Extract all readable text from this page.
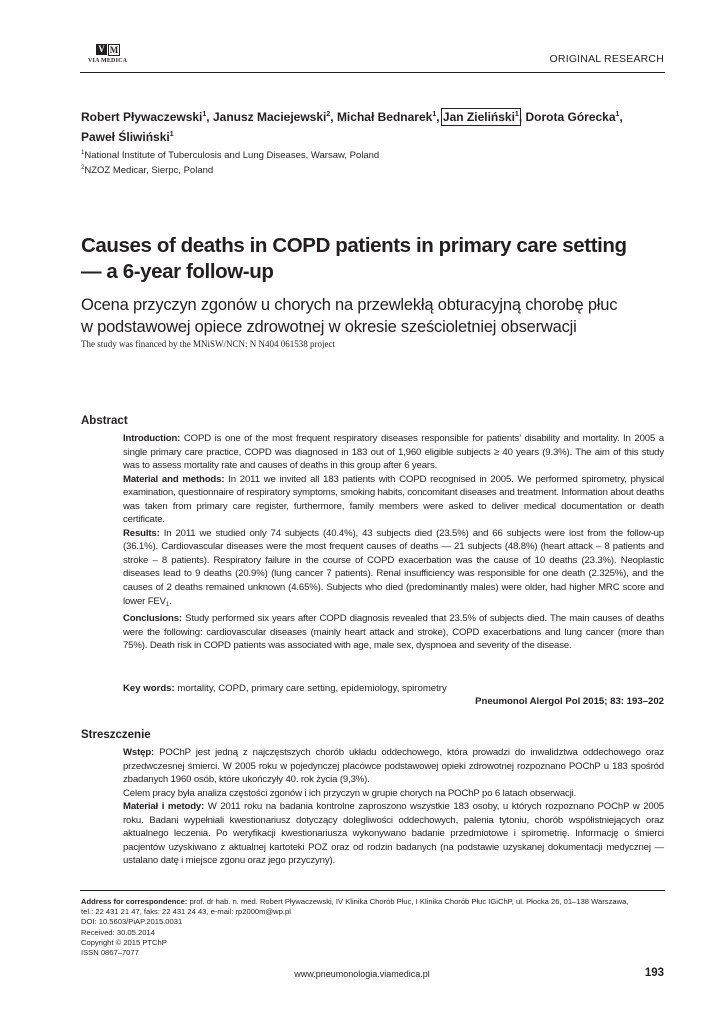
V M
VIA MEDICA	ORIGINAL RESEARCH
Robert Pływaczewski$^1$, Janusz Maciejewski$^2$, Michał Bednarek$^1$, Jan Zieliński$^1$, Dorota Górecka$^1$,
Paweł Śliwiński$^1$
$^1$National Institute of Tuberculosis and Lung Diseases, Warsaw, Poland
$^2$NZOZ Medicar, Sierpc, Poland
Causes of deaths in COPD patients in primary care setting
— a 6-year follow-up
Ocena przyczyn zgonów u chorych na przewlekłą obturacyjną chorobę płuc
w podstawowej opiece zdrowotnej w okresie sześcioletniej obserwacji
The study was financed by the MNiSW/NCN: N N404 061538 project
Abstract

Introduction: COPD is one of the most frequent respiratory diseases responsible for patients’ disability and mortality. In 2005 a single primary care practice, COPD was diagnosed in 183 out of 1,960 eligible subjects ≥ 40 years (9.3%). The aim of this study was to assess mortality rate and causes of deaths in this group after 6 years.

Material and methods: In 2011 we invited all 183 patients with COPD recognised in 2005. We performed spirometry, physical examination, questionnaire of respiratory symptoms, smoking habits, concomitant diseases and treatment. Information about deaths was taken from primary care register, furthermore, family members were asked to deliver medical documentation or death certificate.

Results: In 2011 we studied only 74 subjects (40.4%), 43 subjects died (23.5%) and 66 subjects were lost from the follow-up (36.1%). Cardiovascular diseases were the most frequent causes of deaths — 21 subjects (48.8%) (heart attack – 8 patients and stroke – 8 patients). Respiratory failure in the course of COPD exacerbation was the cause of 10 deaths (23.3%). Neoplastic diseases lead to 9 deaths (20.9%) (lung cancer 7 patients). Renal insufficiency was responsible for one death (2.325%), and the causes of 2 deaths remained unknown (4.65%). Subjects who died (predominantly males) were older, had higher MRC score and lower $FEV_1$.

Conclusions: Study performed six years after COPD diagnosis revealed that 23.5% of subjects died. The main causes of deaths were the following: cardiovascular diseases (mainly heart attack and stroke), COPD exacerbations and lung cancer (more than 75%). Death risk in COPD patients was associated with age, male sex, dyspnoea and severity of the disease.

Key words: mortality, COPD, primary care setting, epidemiology, spirometry
Pneumonol Alergol Pol 2015; 83: 193–202
Streszczenie

Wstęp: POChP jest jedną z najczęstszych chorób układu oddechowego, która prowadzi do inwalidztwa oddechowego oraz przedwczesnej śmierci. W 2005 roku w pojedynczej placówce podstawowej opieki zdrowotnej rozpoznano POChP u 183 spośród zbadanych 1960 osób, które ukończyły 40. rok życia (9,3%).

Celem pracy była analiza częstości zgonów i ich przyczyn w grupie chorych na POChP po 6 latach obserwacji.

Materiał i metody: W 2011 roku na badania kontrolne zaproszono wszystkie 183 osoby, u których rozpoznano POChP w 2005 roku. Badani wypełniali kwestionariusz dotyczący dolegliwości oddechowych, palenia tytoniu, chorób współistniejących oraz aktualnego leczenia. Po weryfikacji kwestionariusza wykonywano badanie przedmiotowe i spirometrię. Informację o śmierci pacjentów uzyskiwano z aktualnej kartoteki POZ oraz od rodzin badanych (na podstawie uzyskanej dokumentacji medycznej — ustalano datę i miejsce zgonu oraz jego przyczyny).

Address for correspondence: prof. dr hab. n. med. Robert Pływaczewski, IV Klinika Chorób Płuc, I Klinika Chorób Płuc IGiChP, ul. Płocka 26, 01–138 Warszawa,

tel.: 22 431 21 47, faks: 22 431 24 43, e-mail: rp2000m@wp.pl

DOI: 10.5603/PiAP.2015.0031

Received: 30.05.2014

Copyright © 2015 PTChP

ISSN 0867–7077

www.pneumonologia.viamedica.pl	193
